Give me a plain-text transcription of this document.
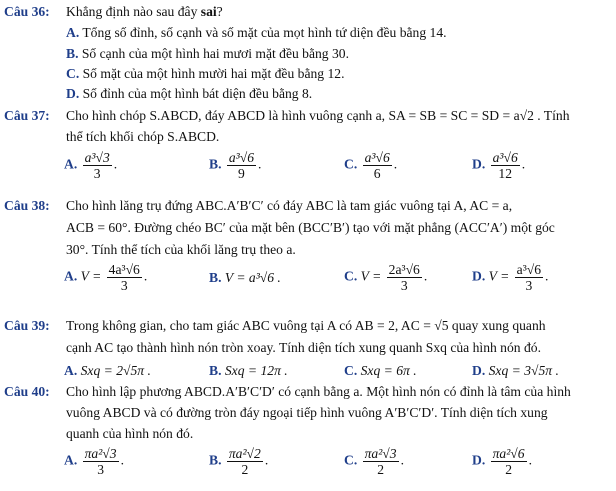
Câu 36: Khẳng định nào sau đây sai?
A. Tổng số đỉnh, số cạnh và số mặt của mọt hình tứ diện đều bằng 14.
B. Số cạnh của một hình hai mươi mặt đều bằng 30.
C. Số mặt của một hình mười hai mặt đều bằng 12.
D. Số đỉnh của một hình bát diện đều bằng 8.
Câu 37: Cho hình chóp S.ABCD, đáy ABCD là hình vuông cạnh a, SA = SB = SC = SD = a√2 . Tính
thể tích khối chóp S.ABCD.
A. $\frac{\text{a³√3}}{3}$ .	B. $\frac{\text{a³√6}}{9}$ .	C. $\frac{\text{a³√6}}{6}$ .	D. $\frac{\text{a³√6}}{12}$ .
Câu 38: Cho hình lăng trụ đứng ABC.A′B′C′ có đáy ABC là tam giác vuông tại A, AC = a,
ACB = 60°. Đường chéo BC′ của mặt bên (BCC′B′) tạo với mặt phẳng (ACC′A′) một góc
30°. Tính thể tích của khối lăng trụ theo a.
A. $V = \frac{\text{4a³√6}}{3}$ .	B. V = a³√6 .	C. $V = \frac{\text{2a³√6}}{3}$ .	D. $V = \frac{\text{a³√6}}{3}$ .
Câu 39: Trong không gian, cho tam giác ABC vuông tại A có AB = 2, AC = √5 quay xung quanh
cạnh AC tạo thành hình nón tròn xoay. Tính diện tích xung quanh Sxq của hình nón đó.
A. Sxq = 2√5π .	B. Sxq = 12π .	C. Sxq = 6π .	D. Sxq = 3√5π .
Câu 40: Cho hình lập phương ABCD.A′B′C′D′ có cạnh bằng a. Một hình nón có đỉnh là tâm của hình
vuông ABCD và có đường tròn đáy ngoại tiếp hình vuông A′B′C′D′. Tính diện tích xung
quanh của hình nón đó.
A. $\frac{\text{πa²√3}}{3}$ .	B. $\frac{\text{πa²√2}}{2}$ .	C. $\frac{\text{πa²√3}}{2}$ .	D. $\frac{\text{πa²√6}}{2}$ .
